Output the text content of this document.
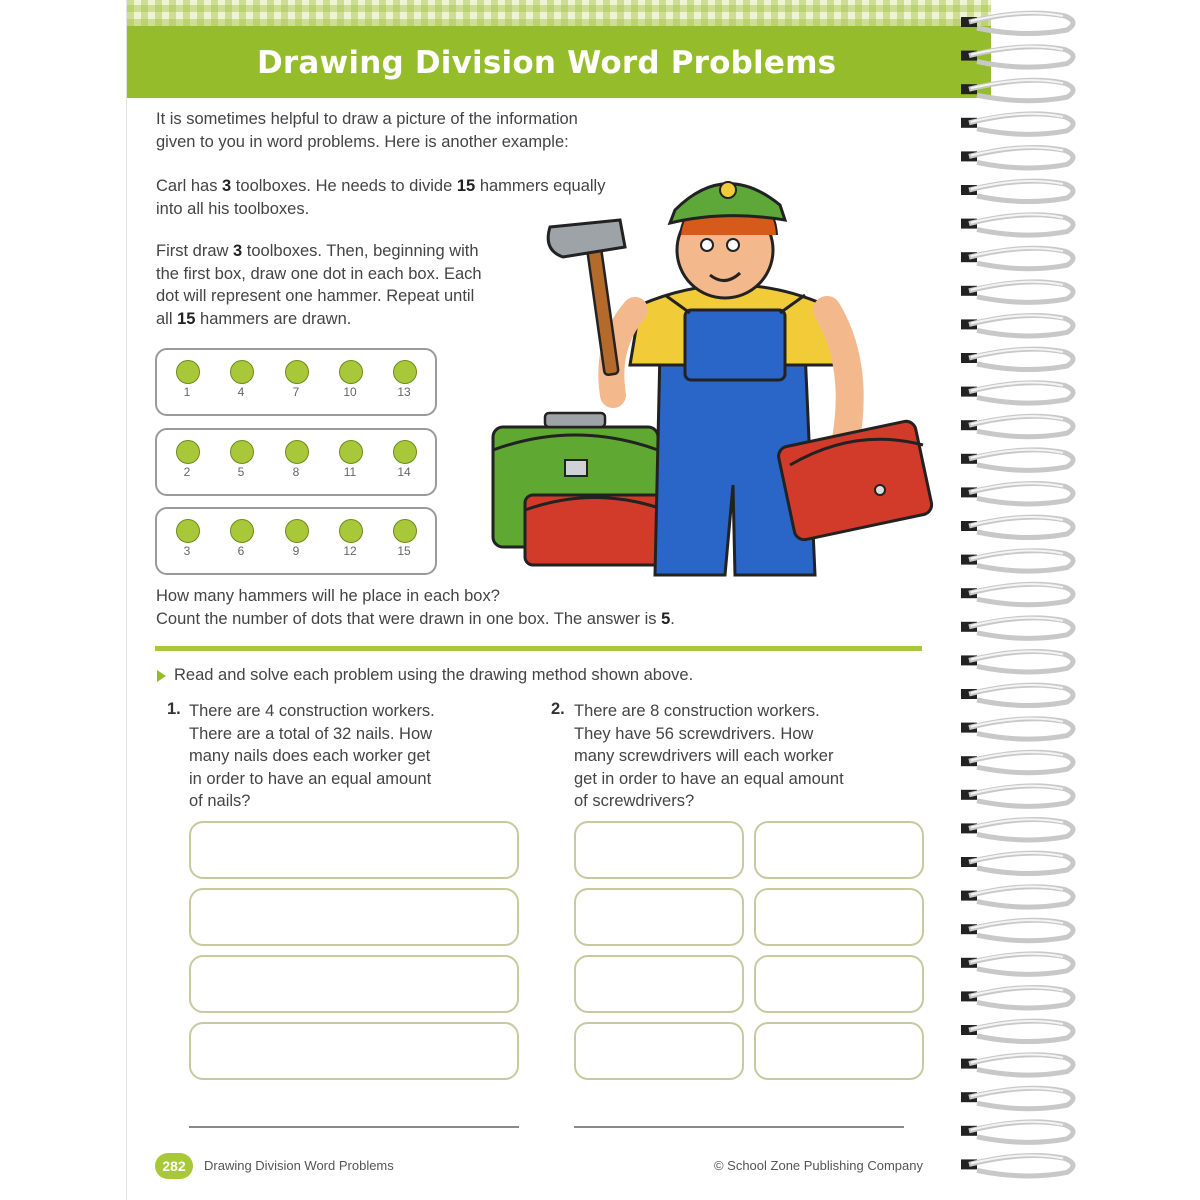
Drawing Division Word Problems
It is sometimes helpful to draw a picture of the information
given to you in word problems. Here is another example:
Carl has 3 toolboxes. He needs to divide 15 hammers equally
into all his toolboxes.
First draw 3 toolboxes. Then, beginning with
the first box, draw one dot in each box. Each
dot will represent one hammer. Repeat until
all 15 hammers are drawn.
1	4	7	10	13
2	5	8	11	14
3	6	9	12	15
How many hammers will he place in each box?
Count the number of dots that were drawn in one box. The answer is 5.
Read and solve each problem using the drawing method shown above.
1. There are 4 construction workers.
There are a total of 32 nails. How
many nails does each worker get
in order to have an equal amount
of nails?
2. There are 8 construction workers.
They have 56 screwdrivers. How
many screwdrivers will each worker
get in order to have an equal amount
of screwdrivers?
282	Drawing Division Word Problems	© School Zone Publishing Company
